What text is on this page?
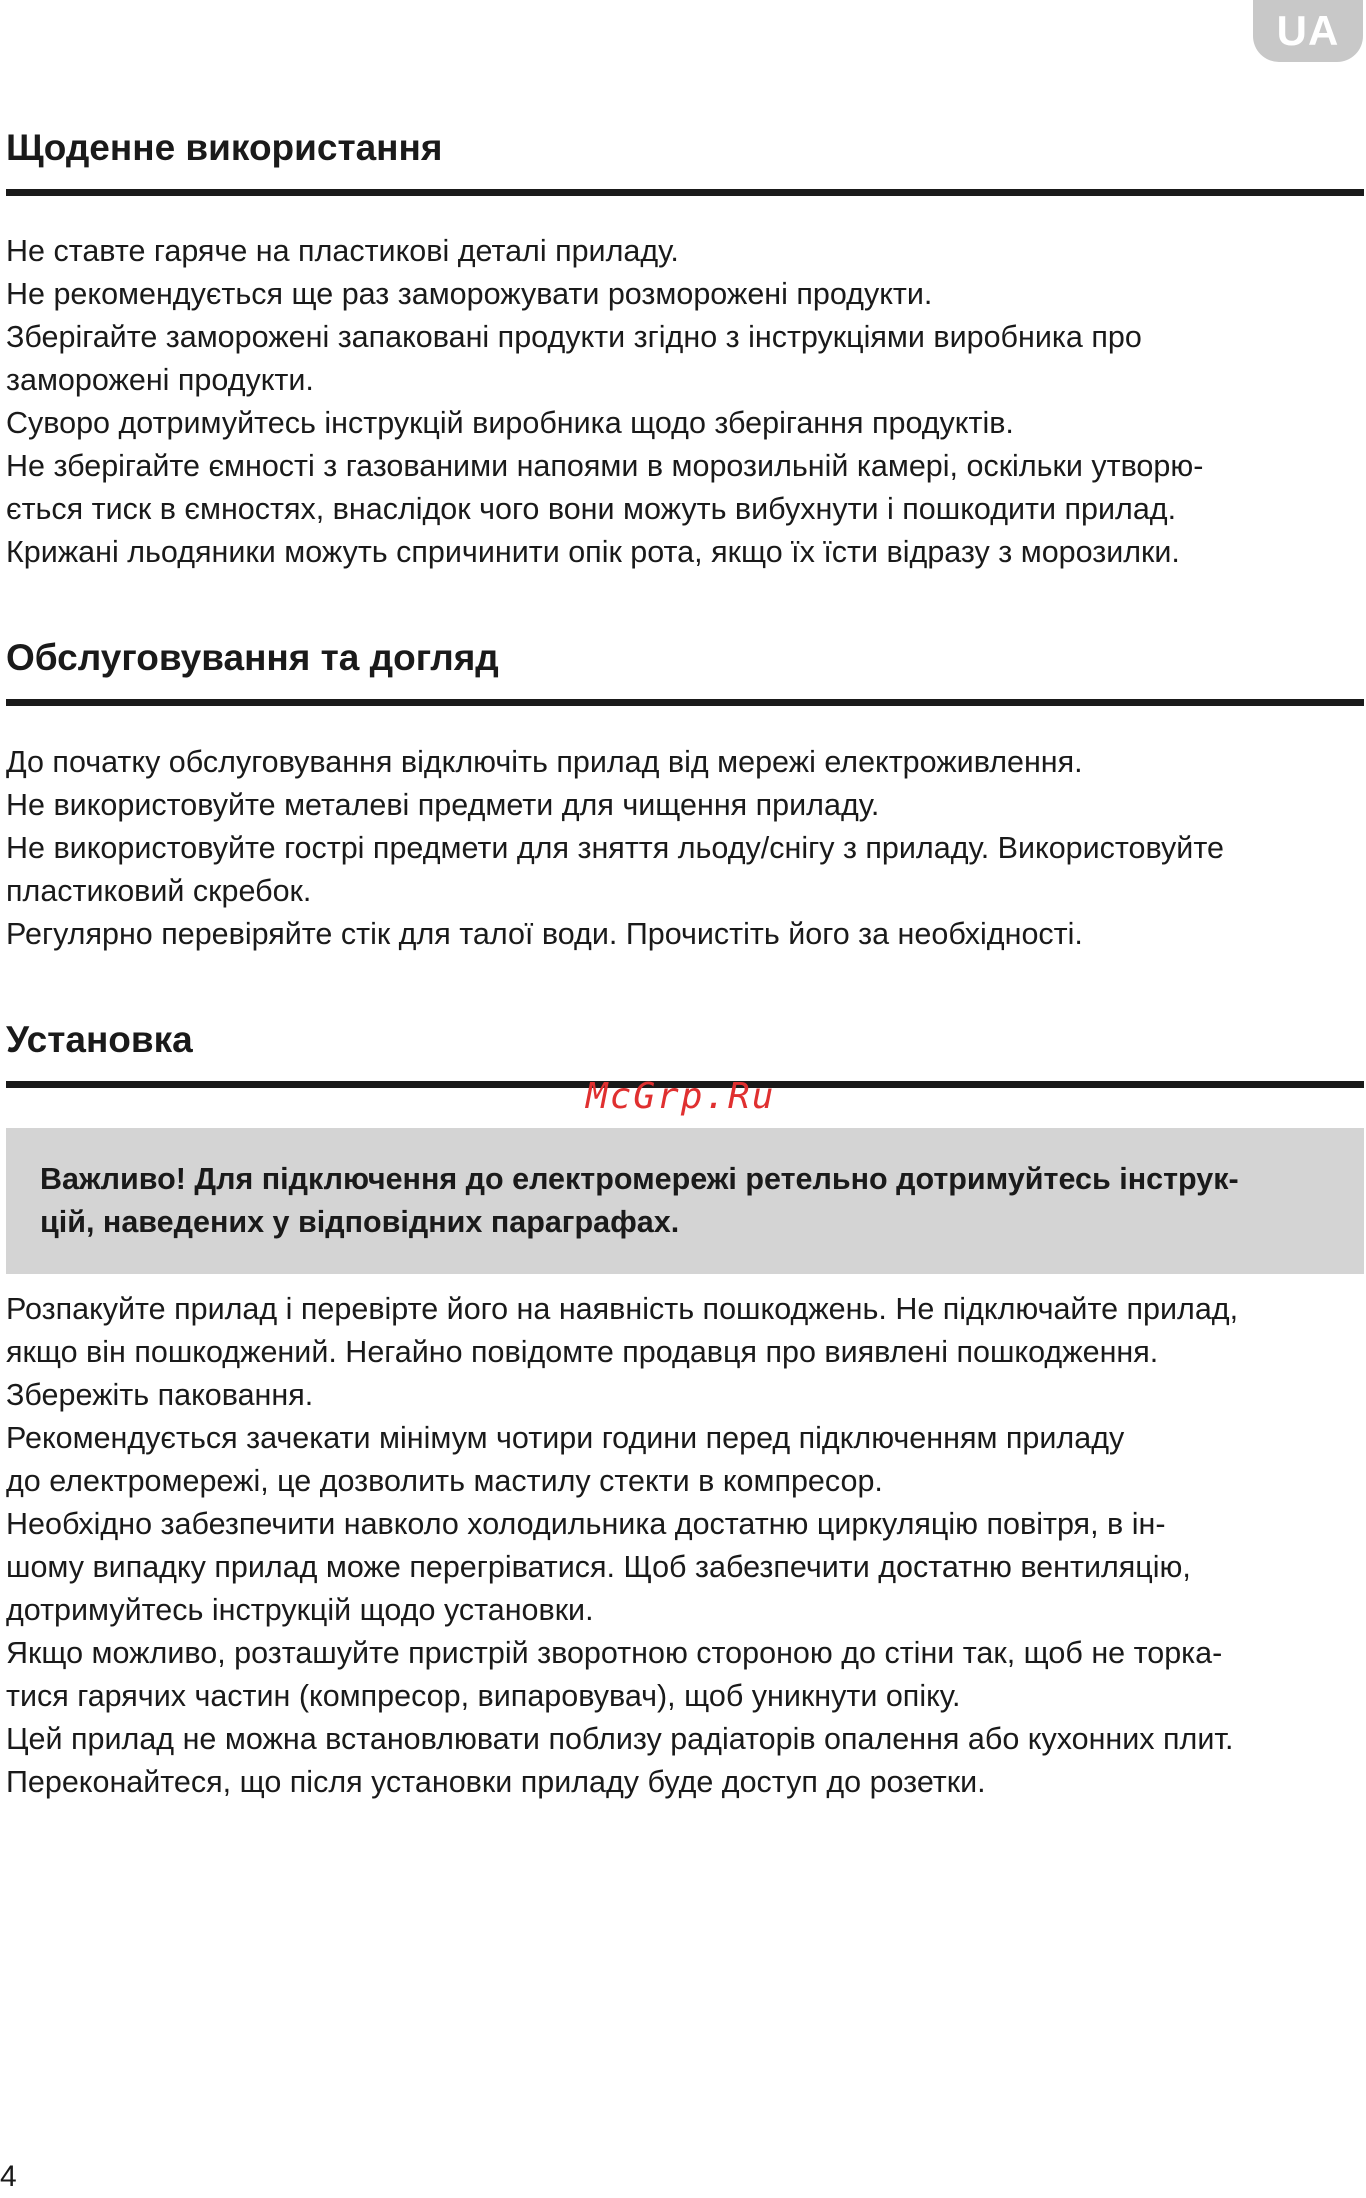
UA
Щоденне використання

Не ставте гаряче на пластикові деталі приладу.

Не рекомендується ще раз заморожувати розморожені продукти.

Зберігайте заморожені запаковані продукти згідно з інструкціями виробника про

заморожені продукти.

Суворо дотримуйтесь інструкцій виробника щодо зберігання продуктів.

Не зберігайте ємності з газованими напоями в морозильній камері, оскільки утворю-

ється тиск в ємностях, внаслідок чого вони можуть вибухнути і пошкодити прилад.

Крижані льодяники можуть спричинити опік рота, якщо їх їсти відразу з морозилки.

Обслуговування та догляд

До початку обслуговування відключіть прилад від мережі електроживлення.

Не використовуйте металеві предмети для чищення приладу.

Не використовуйте гострі предмети для зняття льоду/снігу з приладу. Використовуйте

пластиковий скребок.

Регулярно перевіряйте стік для талої води. Прочистіть його за необхідності.

Установка
McGrp.Ru

Важливо! Для підключення до електромережі ретельно дотримуйтесь інструк-

цій, наведених у відповідних параграфах.

Розпакуйте прилад і перевірте його на наявність пошкоджень. Не підключайте прилад,

якщо він пошкоджений. Негайно повідомте продавця про виявлені пошкодження.

Збережіть паковання.

Рекомендується зачекати мінімум чотири години перед підключенням приладу

до електромережі, це дозволить мастилу стекти в компресор.

Необхідно забезпечити навколо холодильника достатню циркуляцію повітря, в ін-

шому випадку прилад може перегріватися. Щоб забезпечити достатню вентиляцію,

дотримуйтесь інструкцій щодо установки.

Якщо можливо, розташуйте пристрій зворотною стороною до стіни так, щоб не торка-

тися гарячих частин (компресор, випаровувач), щоб уникнути опіку.

Цей прилад не можна встановлювати поблизу радіаторів опалення або кухонних плит.

Переконайтеся, що після установки приладу буде доступ до розетки.

4
